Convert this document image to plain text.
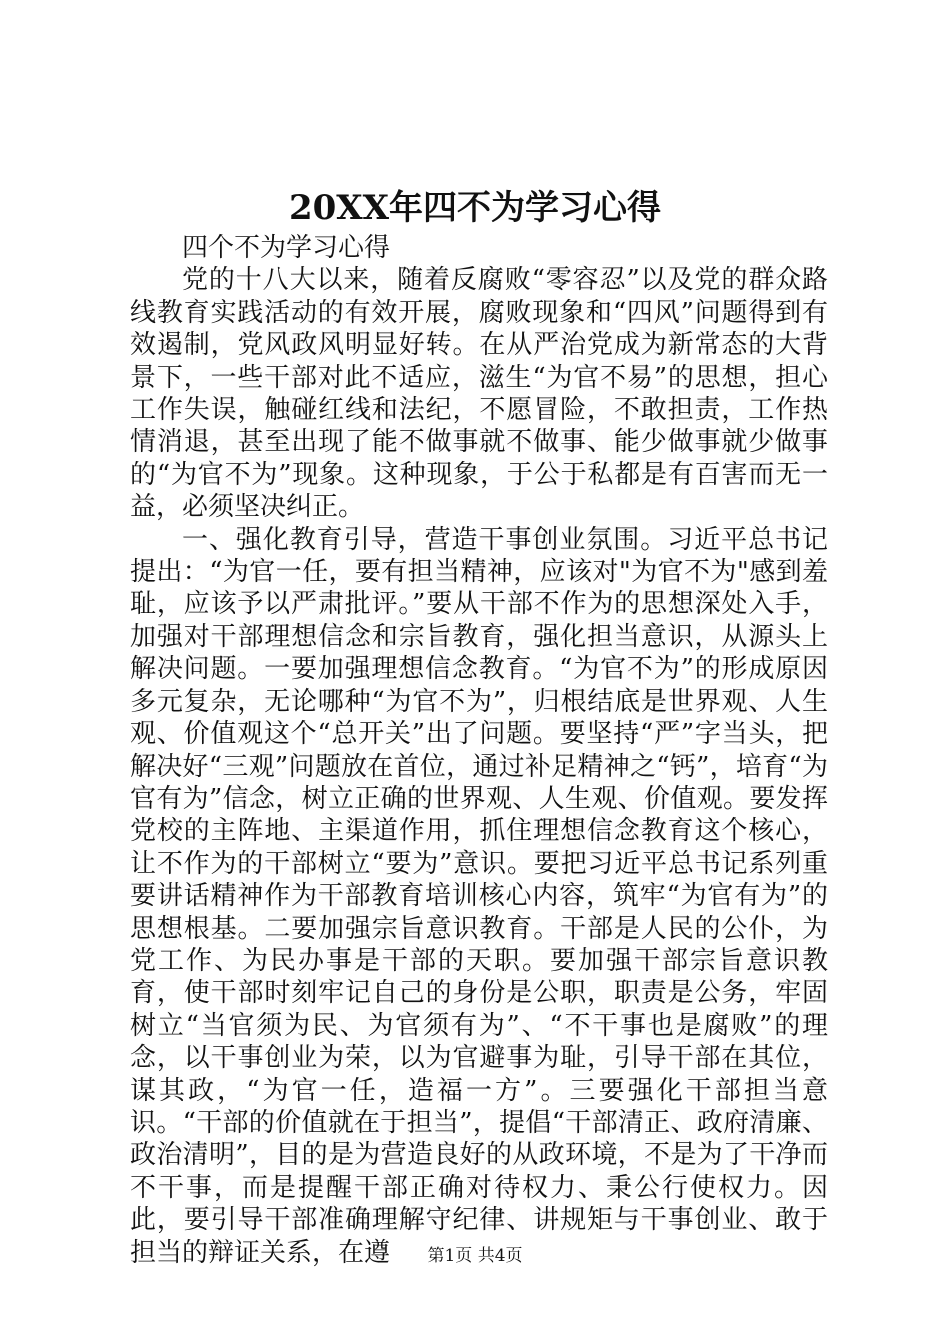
20XX年四不为学习心得

四个不为学习心得

党的十八大以来，随着反腐败“零容忍”以及党的群众路线教育实践活动的有效开展，腐败现象和“四风”问题得到有效遏制，党风政风明显好转。在从严治党成为新常态的大背景下，一些干部对此不适应，滋生“为官不易”的思想，担心工作失误，触碰红线和法纪，不愿冒险，不敢担责，工作热情消退，甚至出现了能不做事就不做事、能少做事就少做事的“为官不为”现象。这种现象，于公于私都是有百害而无一益，必须坚决纠正。

一、强化教育引导，营造干事创业氛围。习近平总书记提出：“为官一任，要有担当精神，应该对"为官不为"感到羞耻，应该予以严肃批评。”要从干部不作为的思想深处入手，加强对干部理想信念和宗旨教育，强化担当意识，从源头上解决问题。一要加强理想信念教育。“为官不为”的形成原因多元复杂，无论哪种“为官不为”，归根结底是世界观、人生观、价值观这个“总开关”出了问题。要坚持“严”字当头，把解决好“三观”问题放在首位，通过补足精神之“钙”，培育“为官有为”信念，树立正确的世界观、人生观、价值观。要发挥党校的主阵地、主渠道作用，抓住理想信念教育这个核心，让不作为的干部树立“要为”意识。要把习近平总书记系列重要讲话精神作为干部教育培训核心内容，筑牢“为官有为”的思想根基。二要加强宗旨意识教育。干部是人民的公仆，为党工作、为民办事是干部的天职。要加强干部宗旨意识教育，使干部时刻牢记自己的身份是公职，职责是公务，牢固树立“当官须为民、为官须有为”、“不干事也是腐败”的理念，以干事创业为荣，以为官避事为耻，引导干部在其位，谋其政，“为官一任，造福一方”。三要强化干部担当意识。“干部的价值就在于担当”，提倡“干部清正、政府清廉、政治清明”，目的是为营造良好的从政环境，不是为了干净而不干事，而是提醒干部正确对待权力、秉公行使权力。因此，要引导干部准确理解守纪律、讲规矩与干事创业、敢于担当的辩证关系，在遵	第1页 共4页
